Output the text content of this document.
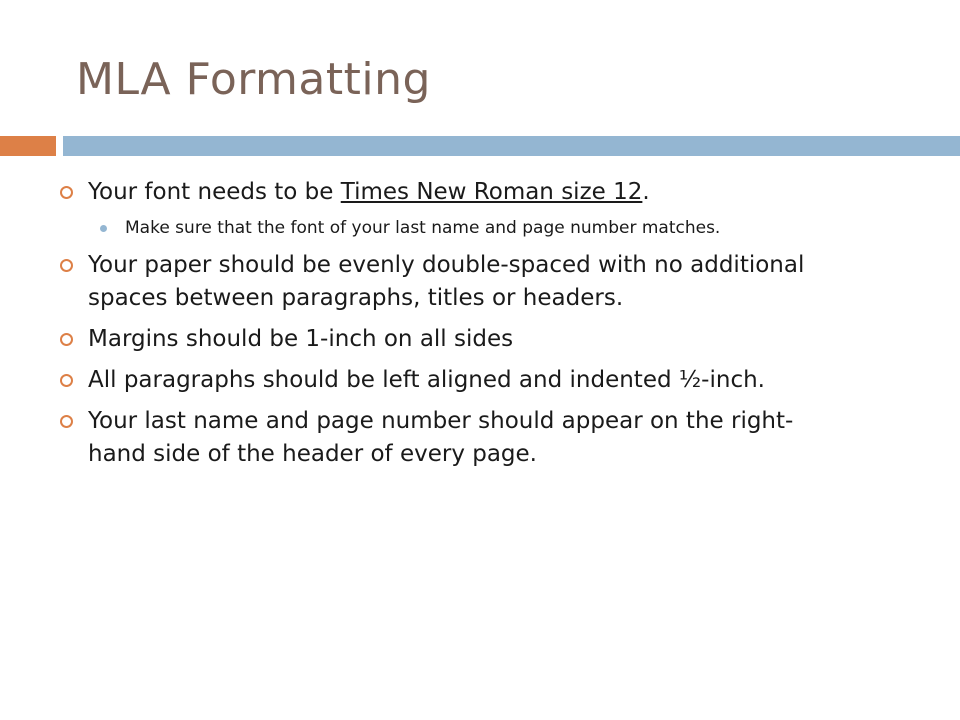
MLA Formatting
Your font needs to be Times New Roman size 12.
Make sure that the font of your last name and page number matches.
Your paper should be evenly double-spaced with no additional spaces between paragraphs, titles or headers.
Margins should be 1-inch on all sides
All paragraphs should be left aligned and indented ½-inch.
Your last name and page number should appear on the right-hand side of the header of every page.
